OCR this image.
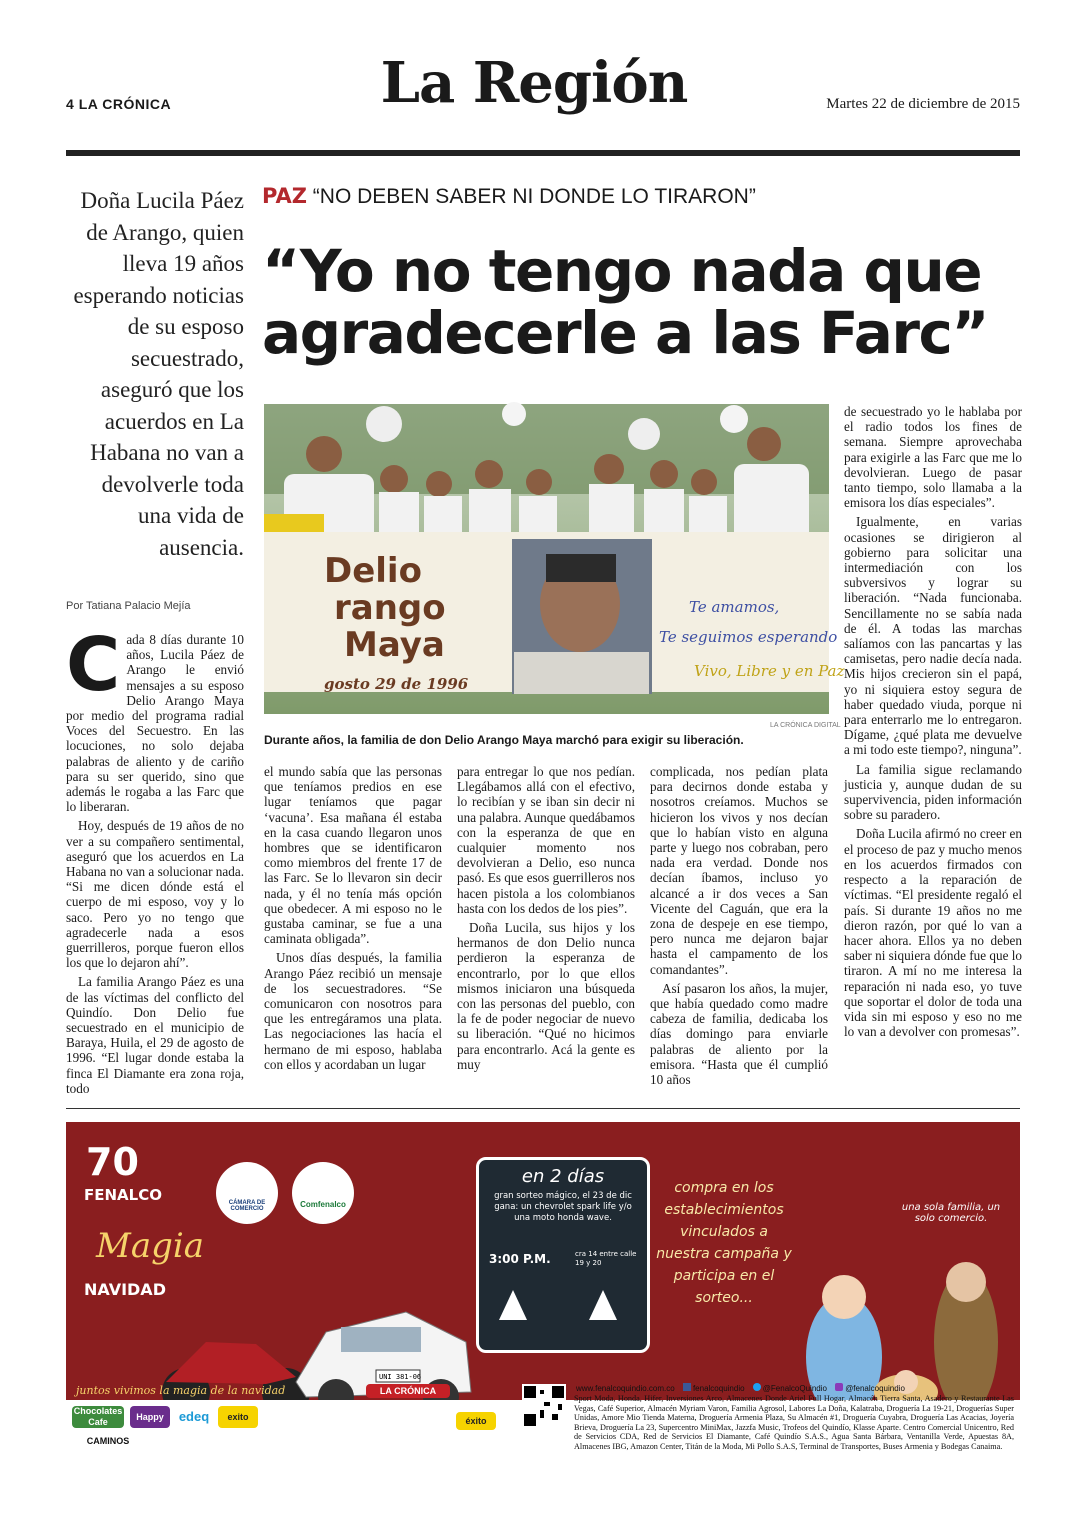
4 LA CRÓNICA	La Región	Martes 22 de diciembre de 2015
Doña Lucila Páez de Arango, quien lleva 19 años esperando noticias de su esposo secuestrado, aseguró que los acuerdos en La Habana no van a devolverle toda una vida de ausencia.
Por Tatiana Palacio Mejía
PAZ “NO DEBEN SABER NI DONDE LO TIRARON”
“Yo no tengo nada que agradecerle a las Farc”
Delio
rango
Maya
gosto 29 de 1996
Te amamos,
Te seguimos esperando
Vivo, Libre y en Paz
LA CRÓNICA DIGITAL
Durante años, la familia de don Delio Arango Maya marchó para exigir su liberación.
C ada 8 días durante 10 años, Lucila Páez de Arango le envió mensajes a su esposo Delio Arango Maya por medio del programa radial Voces del Secuestro. En las locuciones, no solo dejaba palabras de aliento y de cariño para su ser querido, sino que además le rogaba a las Farc que lo liberaran.

Hoy, después de 19 años de no ver a su compañero sentimental, aseguró que los acuerdos en La Habana no van a solucionar nada. “Si me dicen dónde está el cuerpo de mi esposo, voy y lo saco. Pero yo no tengo que agradecerle nada a esos guerrilleros, porque fueron ellos los que lo dejaron ahí”.

La familia Arango Páez es una de las víctimas del conflicto del Quindío. Don Delio fue secuestrado en el municipio de Baraya, Huila, el 29 de agosto de 1996. “El lugar donde estaba la finca El Diamante era zona roja, todo

el mundo sabía que las personas que teníamos predios en ese lugar teníamos que pagar ‘vacuna’. Esa mañana él estaba en la casa cuando llegaron unos hombres que se identificaron como miembros del frente 17 de las Farc. Se lo llevaron sin decir nada, y él no tenía más opción que obedecer. A mi esposo no le gustaba caminar, se fue a una caminata obligada”.

Unos días después, la familia Arango Páez recibió un mensaje de los secuestradores. “Se comunicaron con nosotros para que les entregáramos una plata. Las negociaciones las hacía el hermano de mi esposo, hablaba con ellos y acordaban un lugar

para entregar lo que nos pedían. Llegábamos allá con el efectivo, lo recibían y se iban sin decir ni una palabra. Aunque quedábamos con la esperanza de que en cualquier momento nos devolvieran a Delio, eso nunca pasó. Es que esos guerrilleros nos hacen pistola a los colombianos hasta con los dedos de los pies”.

Doña Lucila, sus hijos y los hermanos de don Delio nunca perdieron la esperanza de encontrarlo, por lo que ellos mismos iniciaron una búsqueda con las personas del pueblo, con la fe de poder negociar de nuevo su liberación. “Qué no hicimos para encontrarlo. Acá la gente es muy

complicada, nos pedían plata para decirnos donde estaba y nosotros creíamos. Muchos se hicieron los vivos y nos decían que lo habían visto en alguna parte y luego nos cobraban, pero nada era verdad. Donde nos decían íbamos, incluso yo alcancé a ir dos veces a San Vicente del Caguán, que era la zona de despeje en ese tiempo, pero nunca me dejaron bajar hasta el campamento de los comandantes”.

Así pasaron los años, la mujer, que había quedado como madre cabeza de familia, dedicaba los días domingo para enviarle palabras de aliento por la emisora. “Hasta que él cumplió 10 años

de secuestrado yo le hablaba por el radio todos los fines de semana. Siempre aprovechaba para exigirle a las Farc que me lo devolvieran. Luego de pasar tanto tiempo, solo llamaba a la emisora los días especiales”.

Igualmente, en varias ocasiones se dirigieron al gobierno para solicitar una intermediación con los subversivos y lograr su liberación. “Nada funcionaba. Sencillamente no se sabía nada de él. A todas las marchas salíamos con las pancartas y las camisetas, pero nadie decía nada. Mis hijos crecieron sin el papá, yo ni siquiera estoy segura de haber quedado viuda, porque ni para enterrarlo me lo entregaron. Dígame, ¿qué plata me devuelve a mi todo este tiempo?, ninguna”.

La familia sigue reclamando justicia y, aunque dudan de su supervivencia, piden información sobre su paradero.

Doña Lucila afirmó no creer en el proceso de paz y mucho menos en los acuerdos firmados con respecto a la reparación de víctimas. “El presidente regaló el país. Si durante 19 años no me dieron razón, por qué lo van a hacer ahora. Ellos ya no deben saber ni siquiera dónde fue que lo tiraron. A mí no me interesa la reparación ni nada eso, yo tuve que soportar el dolor de toda una vida sin mi esposo y eso no me lo van a devolver con promesas”.

70
FENALCO
Magia
NAVIDAD
CÁMARA DE COMERCIO	Comfenalco
UNI 381-06
en 2 días
gran sorteo mágico, el 23 de dic gana: un chevrolet spark life y/o una moto honda wave.
3:00 P.M.	cra 14 entre calle 19 y 20
compra en los establecimientos vinculados a nuestra campaña y participa en el sorteo...
una sola familia, un solo comercio.
juntos vivimos la magia de la navidad
Chocolates Cafe	Happy	edeq	exito
CAMINOS
LA CRÓNICA
éxito
www.fenalcoquindio.com.co fenalcoquindio @FenalcoQuindio @fenalcoquindio
Sport Moda, Honda, Hifer, Inversiones Arco, Almacenes Donde Ariel Full Hogar, Almacén Tierra Santa, Asadero y Restaurante Las Vegas, Café Superior, Almacén Myriam Varon, Familia Agrosol, Labores La Doña, Kalatraba, Droguería La 19-21, Droguerías Super Unidas, Amore Mio Tienda Materna, Droguería Armenia Plaza, Su Almacén #1, Droguería Cuyabra, Droguería Las Acacias, Joyería Brieva, Droguería La 23, Supercentro MiniMax, Jazzfa Music, Trofeos del Quindío, Klasse Aparte. Centro Comercial Unicentro, Red de Servicios CDA, Red de Servicios El Diamante, Café Quindío S.A.S., Agua Santa Bárbara, Ventanilla Verde, Apuestas 8A, Almacenes IBG, Amazon Center, Titán de la Moda, Mi Pollo S.A.S, Terminal de Transportes, Buses Armenia y Bodegas Canaima.
